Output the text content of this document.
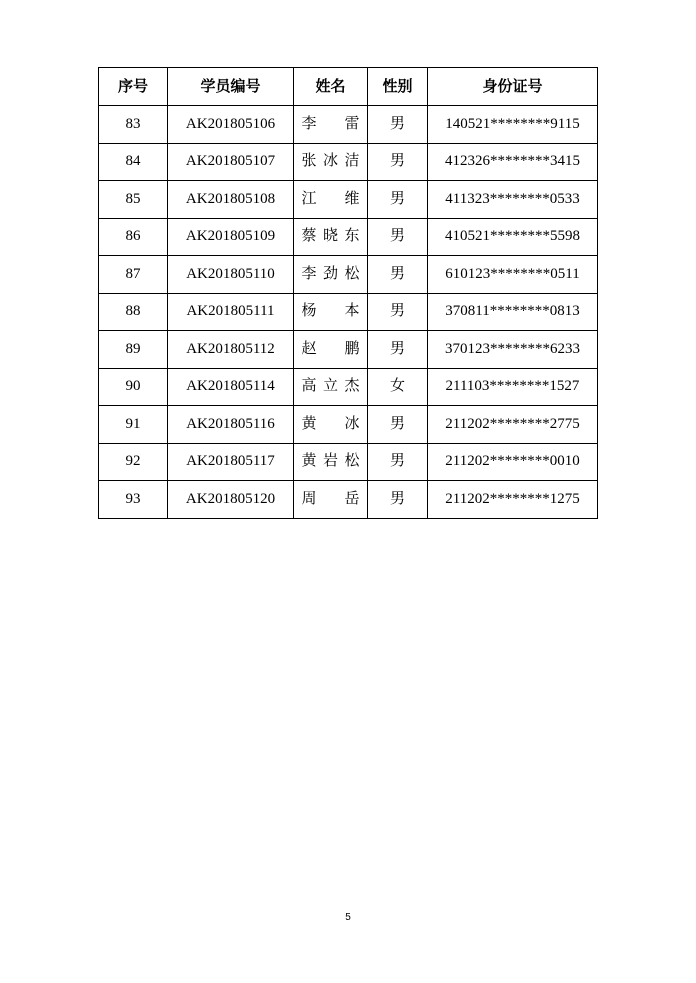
序号	学员编号	姓名	性别	身份证号
83	AK201805106	李 雷	男	140521********9115
84	AK201805107	张 冰 洁	男	412326********3415
85	AK201805108	江 维	男	411323********0533
86	AK201805109	蔡 晓 东	男	410521********5598
87	AK201805110	李 劲 松	男	610123********0511
88	AK201805111	杨 本	男	370811********0813
89	AK201805112	赵 鹏	男	370123********6233
90	AK201805114	高 立 杰	女	211103********1527
91	AK201805116	黄 冰	男	211202********2775
92	AK201805117	黄 岩 松	男	211202********0010
93	AK201805120	周 岳	男	211202********1275
5
